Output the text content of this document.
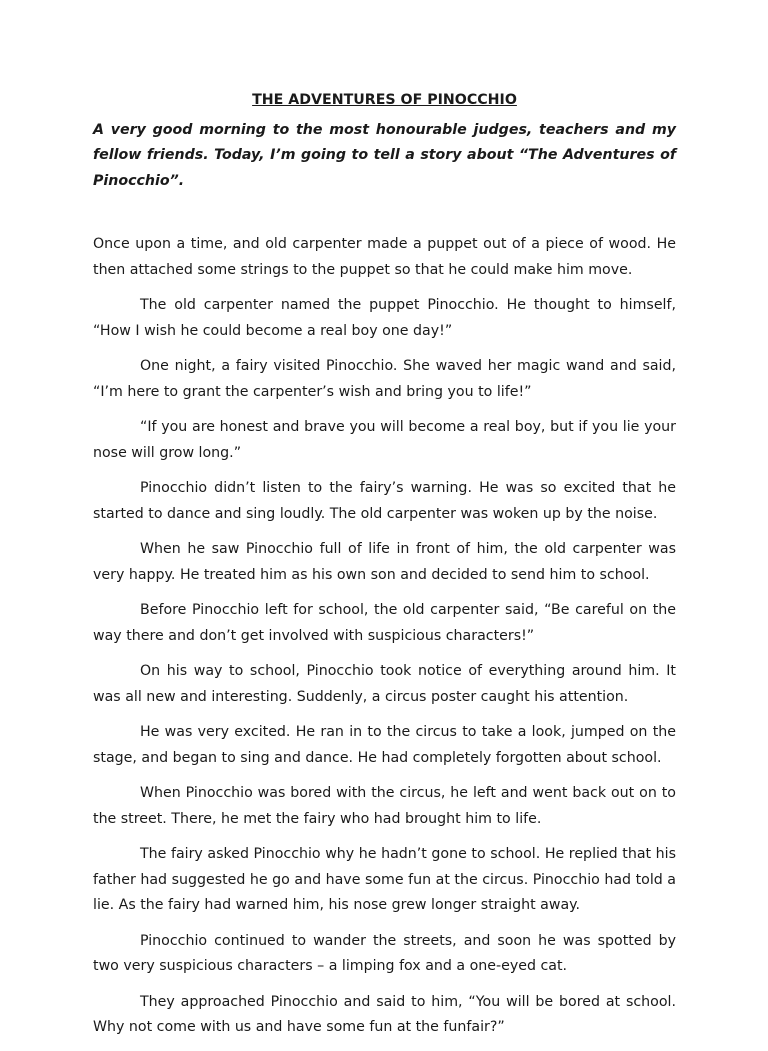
THE ADVENTURES OF PINOCCHIO

A very good morning to the most honourable judges, teachers and my fellow friends. Today, I’m going to tell a story about “The Adventures of Pinocchio”.

Once upon a time, and old carpenter made a puppet out of a piece of wood. He then attached some strings to the puppet so that he could make him move.

The old carpenter named the puppet Pinocchio. He thought to himself, “How I wish he could become a real boy one day!”

One night, a fairy visited Pinocchio. She waved her magic wand and said, “I’m here to grant the carpenter’s wish and bring you to life!”

“If you are honest and brave you will become a real boy, but if you lie your nose will grow long.”

Pinocchio didn’t listen to the fairy’s warning. He was so excited that he started to dance and sing loudly. The old carpenter was woken up by the noise.

When he saw Pinocchio full of life in front of him, the old carpenter was very happy. He treated him as his own son and decided to send him to school.

Before Pinocchio left for school, the old carpenter said, “Be careful on the way there and don’t get involved with suspicious characters!”

On his way to school, Pinocchio took notice of everything around him. It was all new and interesting. Suddenly, a circus poster caught his attention.

He was very excited. He ran in to the circus to take a look, jumped on the stage, and began to sing and dance. He had completely forgotten about school.

When Pinocchio was bored with the circus, he left and went back out on to the street. There, he met the fairy who had brought him to life.

The fairy asked Pinocchio why he hadn’t gone to school. He replied that his father had suggested he go and have some fun at the circus. Pinocchio had told a lie. As the fairy had warned him, his nose grew longer straight away.

Pinocchio continued to wander the streets, and soon he was spotted by two very suspicious characters – a limping fox and a one-eyed cat.

They approached Pinocchio and said to him, “You will be bored at school. Why not come with us and have some fun at the funfair?”
